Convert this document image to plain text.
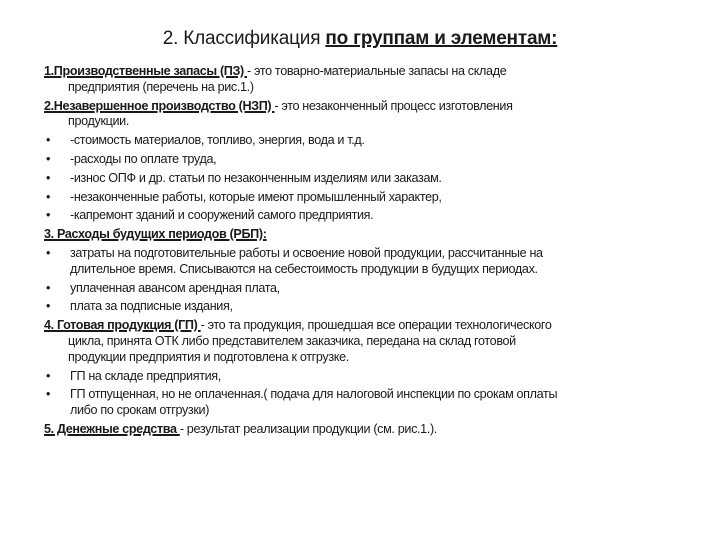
2. Классификация по группам и элементам:
1.Производственные запасы (ПЗ) - это товарно-материальные запасы на складе
предприятия (перечень на рис.1.)
2.Незавершенное производство (НЗП) - это незаконченный процесс изготовления
продукции.
• -стоимость материалов, топливо, энергия, вода и т.д.
• -расходы по оплате труда,
• -износ ОПФ и др. статьи по незаконченным изделиям или заказам.
• -незаконченные работы, которые имеют промышленный характер,
• -капремонт зданий и сооружений самого предприятия.
3. Расходы будущих периодов (РБП):
• затраты на подготовительные работы и освоение новой продукции, рассчитанные на
длительное время. Списываются на себестоимость продукции в будущих периодах.
• уплаченная авансом арендная плата,
• плата за подписные издания,
4. Готовая продукция (ГП) - это та продукция, прошедшая все операции технологического
цикла, принята ОТК либо представителем заказчика, передана на склад готовой
продукции предприятия и подготовлена к отгрузке.
• ГП на складе предприятия,
• ГП отпущенная, но не оплаченная.( подача для налоговой инспекции по срокам оплаты
либо по срокам отгрузки)
5. Денежные средства - результат реализации продукции (см. рис.1.).
